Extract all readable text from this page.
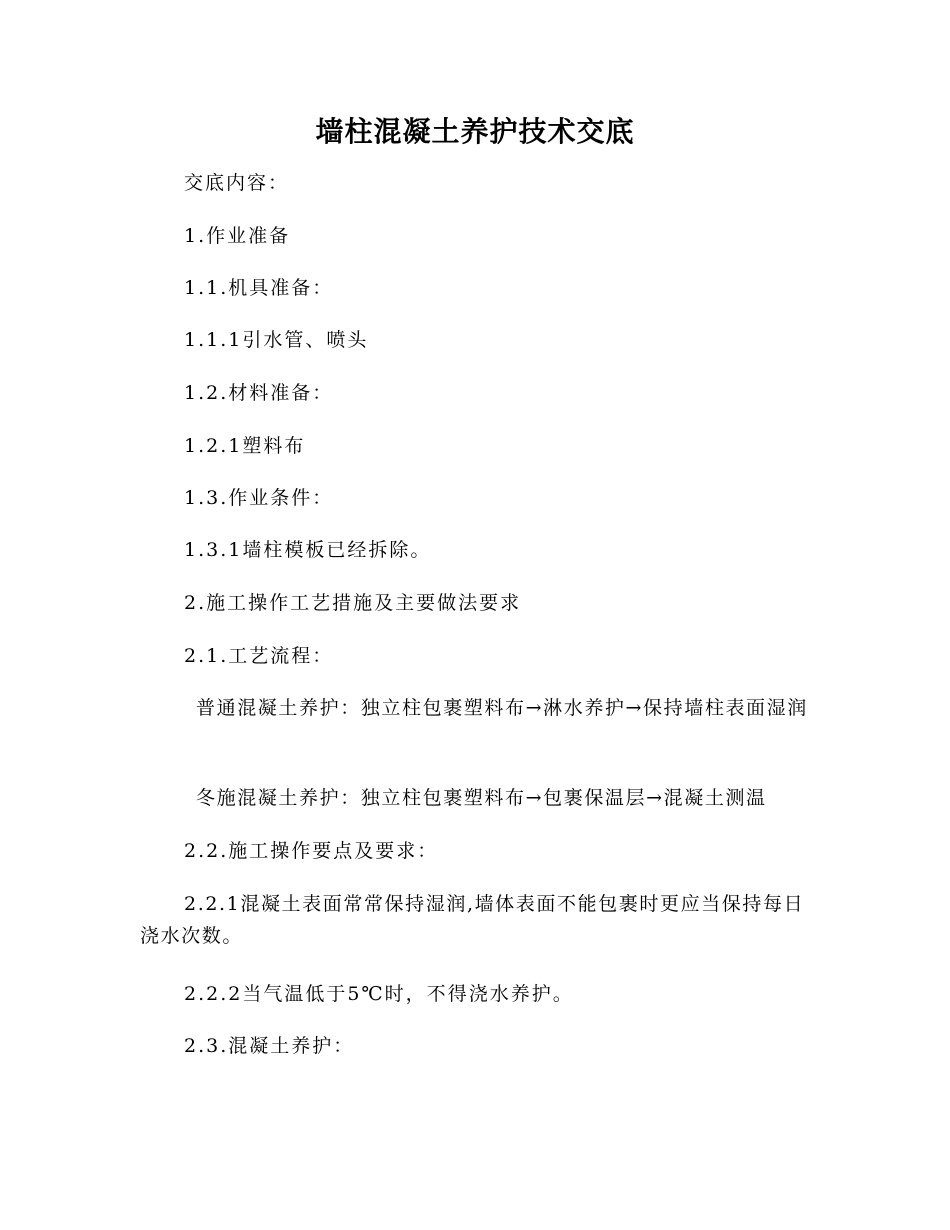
墙柱混凝土养护技术交底
交底内容：
1.作业准备
1.1.机具准备：
1.1.1引水管、喷头
1.2.材料准备：
1.2.1塑料布
1.3.作业条件：
1.3.1墙柱模板已经拆除。
2.施工操作工艺措施及主要做法要求
2.1.工艺流程：
普通混凝土养护：独立柱包裹塑料布→淋水养护→保持墙柱表面湿润
冬施混凝土养护：独立柱包裹塑料布→包裹保温层→混凝土测温
2.2.施工操作要点及要求：
2.2.1混凝土表面常常保持湿润,墙体表面不能包裹时更应当保持每日浇水次数。
2.2.2当气温低于5℃时，不得浇水养护。
2.3.混凝土养护：
